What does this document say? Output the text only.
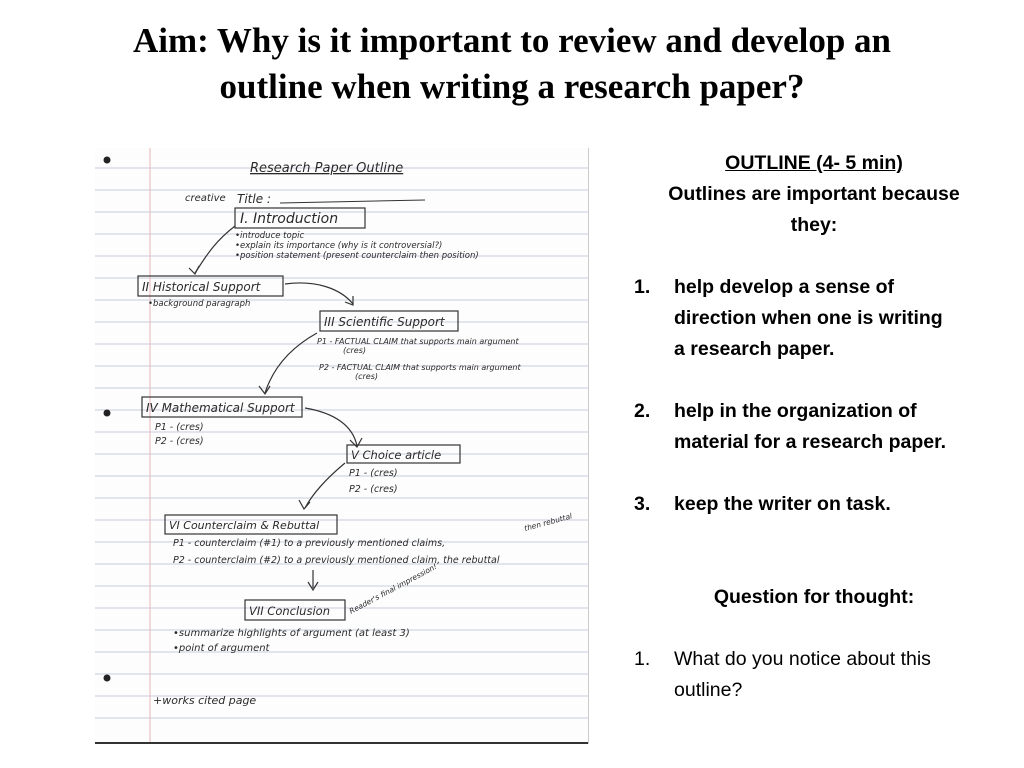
Aim: Why is it important to review and develop an
outline when writing a research paper?
Research Paper Outline
creative Title :
I. Introduction
•introduce topic
•explain its importance (why is it controversial?)
•position statement (present counterclaim then position)
II Historical Support
•background paragraph
III Scientific Support
P1 - FACTUAL CLAIM that supports main argument
(cres)
P2 - FACTUAL CLAIM that supports main argument
(cres)
IV Mathematical Support
P1 - (cres)
P2 - (cres)
V Choice article
P1 - (cres)
P2 - (cres)
VI Counterclaim & Rebuttal
P1 - counterclaim (#1) to a previously mentioned claims,
then rebuttal
P2 - counterclaim (#2) to a previously mentioned claim, the rebuttal
VII Conclusion Reader's final impression!
•summarize highlights of argument (at least 3)
•point of argument
+works cited page
OUTLINE (4- 5 min)
Outlines are important because
they:
1.	help develop a sense of
direction when one is writing
a research paper.
2.	help in the organization of
material for a research paper.
3.	keep the writer on task.
Question for thought:
1.	What do you notice about this
outline?
